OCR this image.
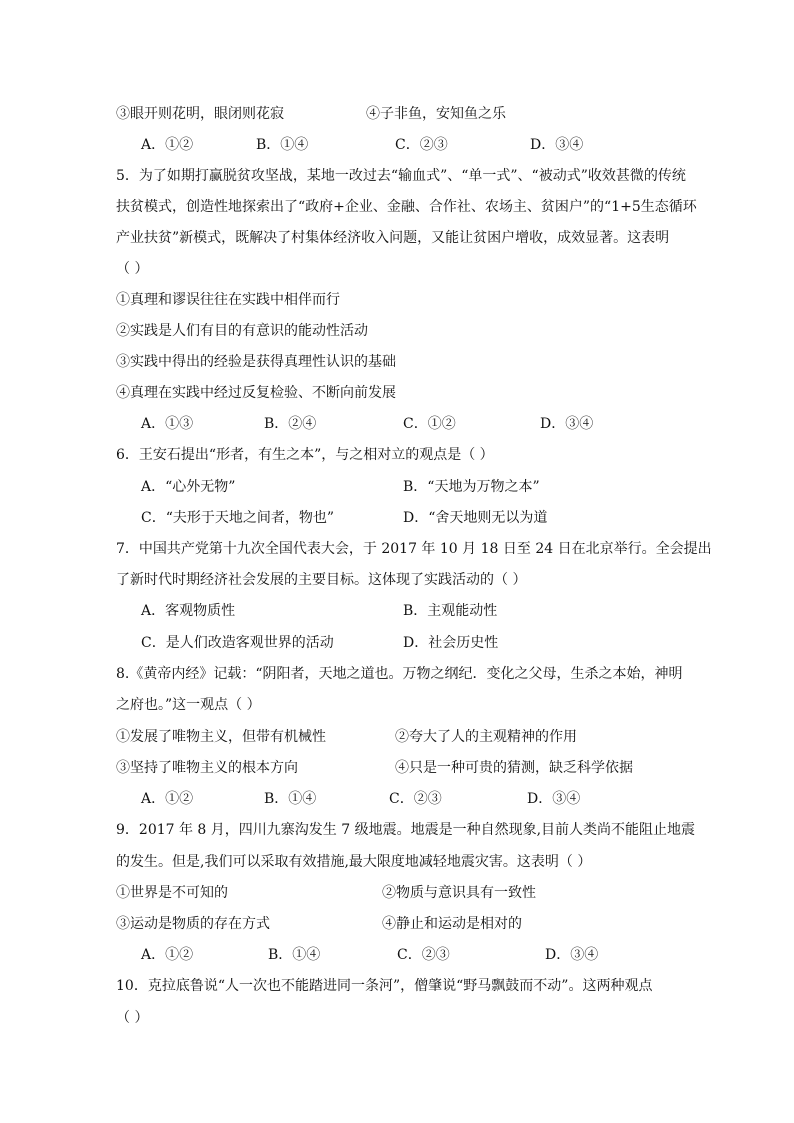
③眼开则花明，眼闭则花寂	④子非鱼，安知鱼之乐
A．①②	B．①④	C．②③	D．③④
5．为了如期打赢脱贫攻坚战，某地一改过去“输血式”、“单一式”、“被动式”收效甚微的传统
扶贫模式，创造性地探索出了“政府+企业、金融、合作社、农场主、贫困户”的“1+5生态循环
产业扶贫”新模式，既解决了村集体经济收入问题，又能让贫困户增收，成效显著。这表明
（ ）
①真理和谬误往往在实践中相伴而行
②实践是人们有目的有意识的能动性活动
③实践中得出的经验是获得真理性认识的基础
④真理在实践中经过反复检验、不断向前发展
A．①③	B．②④	C．①②	D．③④
6．王安石提出“形者，有生之本”，与之相对立的观点是（ ）
A．“心外无物”	B．“天地为万物之本”
C．“夫形于天地之间者，物也”	D．“舍天地则无以为道
7．中国共产党第十九次全国代表大会，于 2017 年 10 月 18 日至 24 日在北京举行。全会提出
了新时代时期经济社会发展的主要目标。这体现了实践活动的（ ）
A．客观物质性	B．主观能动性
C．是人们改造客观世界的活动	D．社会历史性
8.《黄帝内经》记载：“阴阳者，天地之道也。万物之纲纪．变化之父母，生杀之本始，神明
之府也。”这一观点（ ）
①发展了唯物主义，但带有机械性	②夸大了人的主观精神的作用
③坚持了唯物主义的根本方向	④只是一种可贵的猜测，缺乏科学依据
A．①②	B．①④	C．②③	D．③④
9．2017 年 8 月，四川九寨沟发生 7 级地震。地震是一种自然现象,目前人类尚不能阻止地震
的发生。但是,我们可以采取有效措施,最大限度地减轻地震灾害。这表明（ ）
①世界是不可知的	②物质与意识具有一致性
③运动是物质的存在方式	④静止和运动是相对的
A．①②	B．①④	C．②③	D．③④
10．克拉底鲁说“人一次也不能踏进同一条河”，僧肇说“野马飘鼓而不动”。这两种观点
（ ）
